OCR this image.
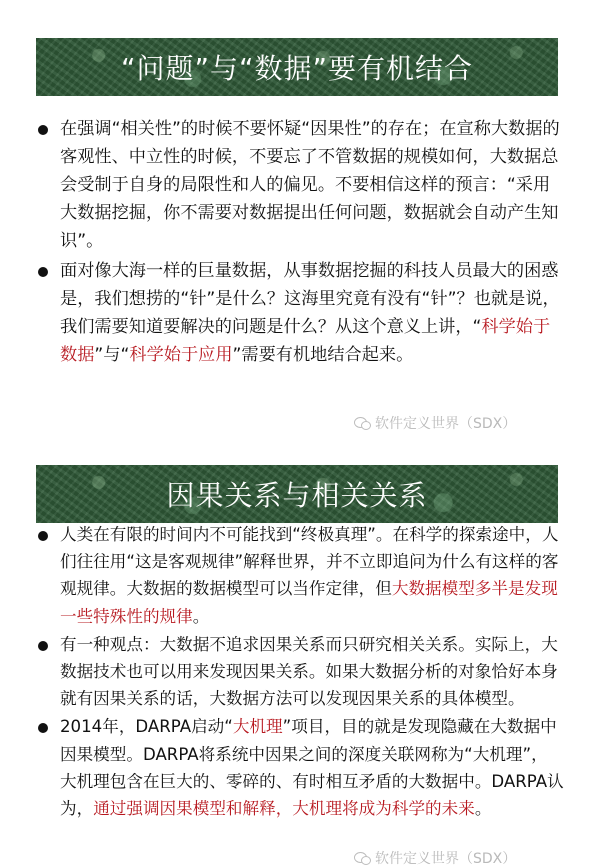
“问题”与“数据”要有机结合
在强调“相关性”的时候不要怀疑“因果性”的存在；在宣称大数据的客观性、中立性的时候，不要忘了不管数据的规模如何，大数据总会受制于自身的局限性和人的偏见。不要相信这样的预言：“采用大数据挖掘，你不需要对数据提出任何问题，数据就会自动产生知识”。
面对像大海一样的巨量数据，从事数据挖掘的科技人员最大的困惑是，我们想捞的“针”是什么？这海里究竟有没有“针”？也就是说，我们需要知道要解决的问题是什么？从这个意义上讲，“科学始于数据”与“科学始于应用”需要有机地结合起来。
软件定义世界（SDX）
因果关系与相关关系
人类在有限的时间内不可能找到“终极真理”。在科学的探索途中，人们往往用“这是客观规律”解释世界，并不立即追问为什么有这样的客观规律。大数据的数据模型可以当作定律，但大数据模型多半是发现一些特殊性的规律。
有一种观点：大数据不追求因果关系而只研究相关关系。实际上，大数据技术也可以用来发现因果关系。如果大数据分析的对象恰好本身就有因果关系的话，大数据方法可以发现因果关系的具体模型。
2014年，DARPA启动“大机理”项目，目的就是发现隐藏在大数据中因果模型。DARPA将系统中因果之间的深度关联网称为“大机理”，大机理包含在巨大的、零碎的、有时相互矛盾的大数据中。DARPA认为，通过强调因果模型和解释，大机理将成为科学的未来。
软件定义世界（SDX）
